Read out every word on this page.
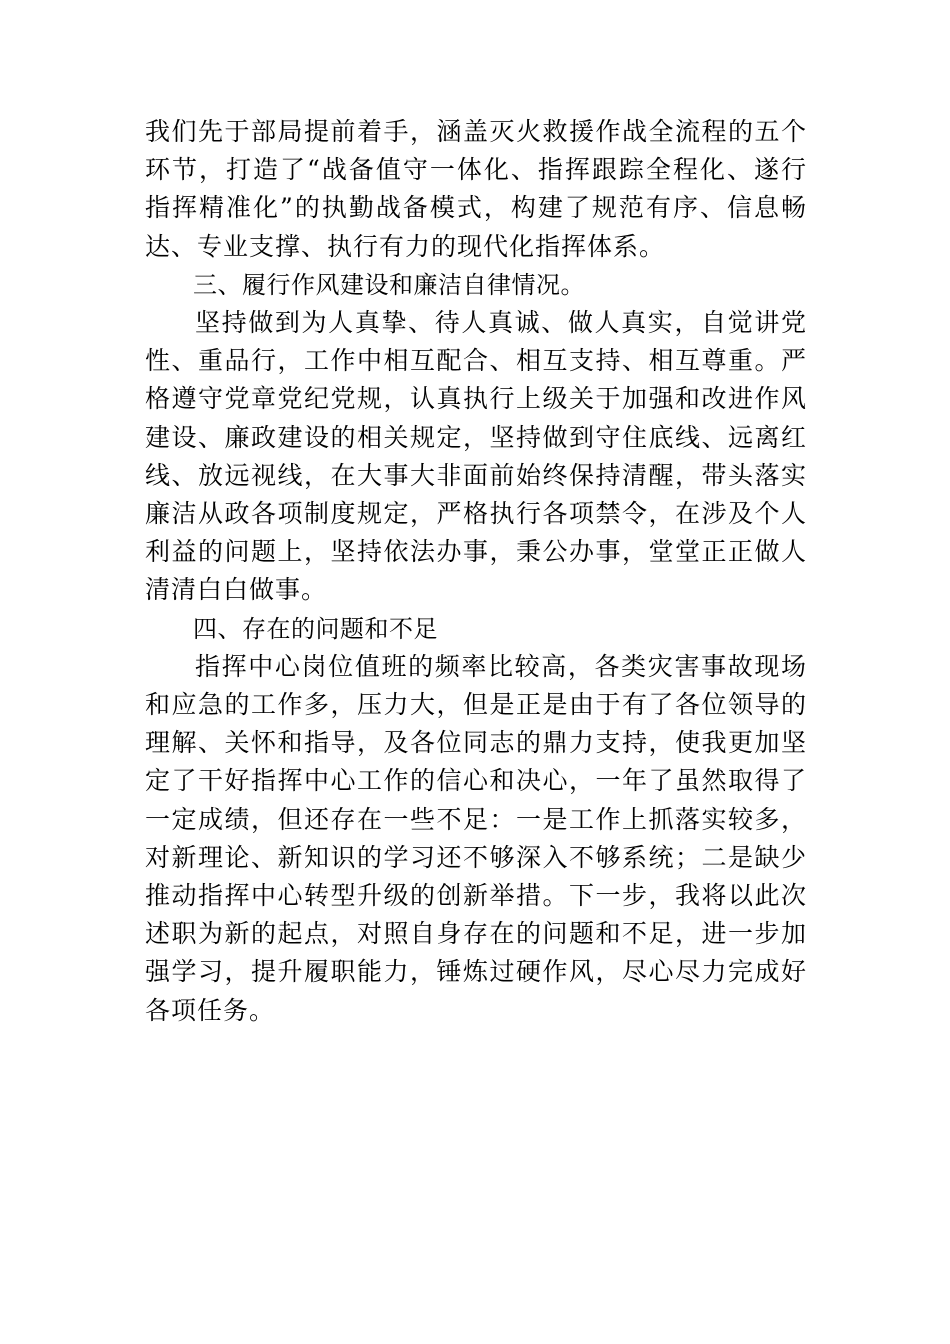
我们先于部局提前着手，涵盖灭火救援作战全流程的五个环节，打造了“战备值守一体化、指挥跟踪全程化、遂行指挥精准化”的执勤战备模式，构建了规范有序、信息畅达、专业支撑、执行有力的现代化指挥体系。

三、履行作风建设和廉洁自律情况。

坚持做到为人真挚、待人真诚、做人真实，自觉讲党性、重品行，工作中相互配合、相互支持、相互尊重。严格遵守党章党纪党规，认真执行上级关于加强和改进作风建设、廉政建设的相关规定，坚持做到守住底线、远离红线、放远视线，在大事大非面前始终保持清醒，带头落实廉洁从政各项制度规定，严格执行各项禁令，在涉及个人利益的问题上，坚持依法办事，秉公办事，堂堂正正做人清清白白做事。

四、存在的问题和不足

指挥中心岗位值班的频率比较高，各类灾害事故现场和应急的工作多，压力大，但是正是由于有了各位领导的理解、关怀和指导，及各位同志的鼎力支持，使我更加坚定了干好指挥中心工作的信心和决心，一年了虽然取得了一定成绩，但还存在一些不足：一是工作上抓落实较多，对新理论、新知识的学习还不够深入不够系统；二是缺少推动指挥中心转型升级的创新举措。下一步，我将以此次述职为新的起点，对照自身存在的问题和不足，进一步加强学习，提升履职能力，锤炼过硬作风，尽心尽力完成好各项任务。
